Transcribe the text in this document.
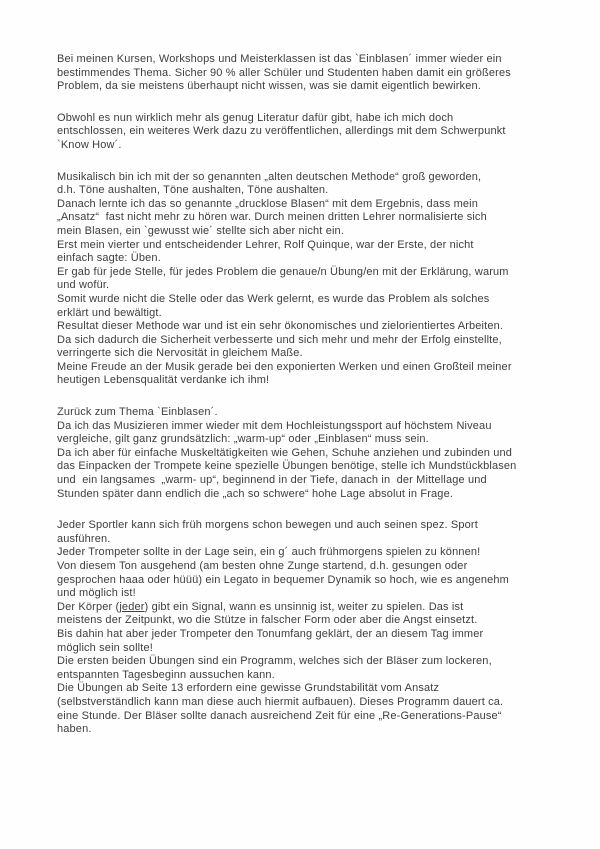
Bei meinen Kursen, Workshops und Meisterklassen ist das `Einblasen´ immer wieder ein
bestimmendes Thema. Sicher 90 % aller Schüler und Studenten haben damit ein größeres
Problem, da sie meistens überhaupt nicht wissen, was sie damit eigentlich bewirken.
Obwohl es nun wirklich mehr als genug Literatur dafür gibt, habe ich mich doch
entschlossen, ein weiteres Werk dazu zu veröffentlichen, allerdings mit dem Schwerpunkt
`Know How´.
Musikalisch bin ich mit der so genannten „alten deutschen Methode“ groß geworden,
d.h. Töne aushalten, Töne aushalten, Töne aushalten.
Danach lernte ich das so genannte „drucklose Blasen“ mit dem Ergebnis, dass mein
„Ansatz“  fast nicht mehr zu hören war. Durch meinen dritten Lehrer normalisierte sich
mein Blasen, ein `gewusst wie´ stellte sich aber nicht ein.
Erst mein vierter und entscheidender Lehrer, Rolf Quinque, war der Erste, der nicht
einfach sagte: Üben.
Er gab für jede Stelle, für jedes Problem die genaue/n Übung/en mit der Erklärung, warum
und wofür.
Somit wurde nicht die Stelle oder das Werk gelernt, es wurde das Problem als solches
erklärt und bewältigt.
Resultat dieser Methode war und ist ein sehr ökonomisches und zielorientiertes Arbeiten.
Da sich dadurch die Sicherheit verbesserte und sich mehr und mehr der Erfolg einstellte,
verringerte sich die Nervosität in gleichem Maße.
Meine Freude an der Musik gerade bei den exponierten Werken und einen Großteil meiner
heutigen Lebensqualität verdanke ich ihm!
Zurück zum Thema `Einblasen´.
Da ich das Musizieren immer wieder mit dem Hochleistungssport auf höchstem Niveau
vergleiche, gilt ganz grundsätzlich: „warm-up“ oder „Einblasen“ muss sein.
Da ich aber für einfache Muskeltätigkeiten wie Gehen, Schuhe anziehen und zubinden und
das Einpacken der Trompete keine spezielle Übungen benötige, stelle ich Mundstückblasen
und  ein langsames  „warm- up“, beginnend in der Tiefe, danach in  der Mittellage und
Stunden später dann endlich die „ach so schwere“ hohe Lage absolut in Frage.
Jeder Sportler kann sich früh morgens schon bewegen und auch seinen spez. Sport
ausführen.
Jeder Trompeter sollte in der Lage sein, ein g´ auch frühmorgens spielen zu können!
Von diesem Ton ausgehend (am besten ohne Zunge startend, d.h. gesungen oder
gesprochen haaa oder hüüü) ein Legato in bequemer Dynamik so hoch, wie es angenehm
und möglich ist!
Der Körper (jeder) gibt ein Signal, wann es unsinnig ist, weiter zu spielen. Das ist
meistens der Zeitpunkt, wo die Stütze in falscher Form oder aber die Angst einsetzt.
Bis dahin hat aber jeder Trompeter den Tonumfang geklärt, der an diesem Tag immer
möglich sein sollte!
Die ersten beiden Übungen sind ein Programm, welches sich der Bläser zum lockeren,
entspannten Tagesbeginn aussuchen kann.
Die Übungen ab Seite 13 erfordern eine gewisse Grundstabilität vom Ansatz
(selbstverständlich kann man diese auch hiermit aufbauen). Dieses Programm dauert ca.
eine Stunde. Der Bläser sollte danach ausreichend Zeit für eine „Re-Generations-Pause“
haben.
